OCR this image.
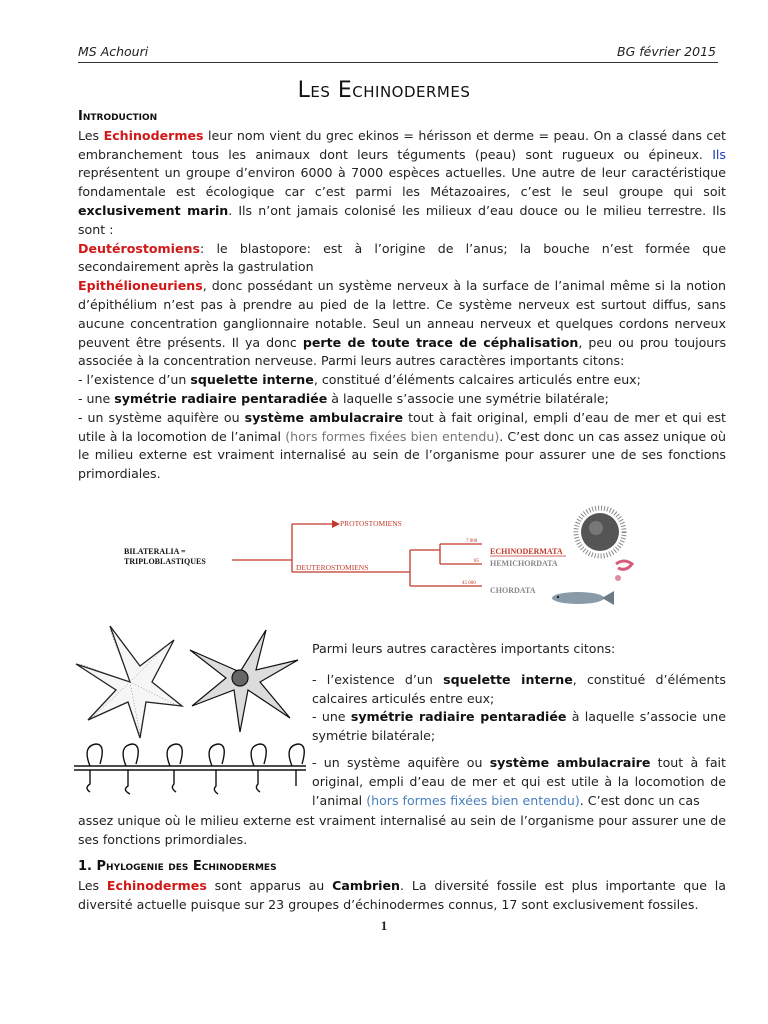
MS Achouri	BG février 2015
Les Echinodermes
Introduction

Les Echinodermes leur nom vient du grec ekinos = hérisson et derme = peau. On a classé dans cet embranchement tous les animaux dont leurs téguments (peau) sont rugueux ou épineux. Ils représentent un groupe d’environ 6000 à 7000 espèces actuelles. Une autre de leur caractéristique fondamentale est écologique car c’est parmi les Métazoaires, c’est le seul groupe qui soit exclusivement marin. Ils n’ont jamais colonisé les milieux d’eau douce ou le milieu terrestre. Ils sont :

Deutérostomiens: le blastopore: est à l’origine de l’anus; la bouche n’est formée que secondairement après la gastrulation

Epithélioneuriens, donc possédant un système nerveux à la surface de l’animal même si la notion d’épithélium n’est pas à prendre au pied de la lettre. Ce système nerveux est surtout diffus, sans aucune concentration ganglionnaire notable. Seul un anneau nerveux et quelques cordons nerveux peuvent être présents. Il ya donc perte de toute trace de céphalisation, peu ou prou toujours associée à la concentration nerveuse. Parmi leurs autres caractères importants citons:

- l’existence d’un squelette interne, constitué d’éléments calcaires articulés entre eux;

- une symétrie radiaire pentaradiée à laquelle s’associe une symétrie bilatérale;

- un système aquifère ou système ambulacraire tout à fait original, empli d’eau de mer et qui est utile à la locomotion de l’animal (hors formes fixées bien entendu). C’est donc un cas assez unique où le milieu externe est vraiment internalisé au sein de l’organisme pour assurer une de ses fonctions primordiales.

BILATERALIA =
TRIPLOBLASTIQUES
PROTOSTOMIENS
DEUTEROSTOMIENS
7 000
85
45 000
ECHINODERMATA
HEMICHORDATA
CHORDATA

Parmi leurs autres caractères importants citons:

- l’existence d’un squelette interne, constitué d’éléments calcaires articulés entre eux;

- une symétrie radiaire pentaradiée à laquelle s’associe une symétrie bilatérale;

- un système aquifère ou système ambulacraire tout à fait original, empli d’eau de mer et qui est utile à la locomotion de l’animal (hors formes fixées bien entendu). C’est donc un cas

assez unique où le milieu externe est vraiment internalisé au sein de l’organisme pour assurer une de ses fonctions primordiales.
1. Phylogenie des Echinodermes

Les Echinodermes sont apparus au Cambrien. La diversité fossile est plus importante que la diversité actuelle puisque sur 23 groupes d’échinodermes connus, 17 sont exclusivement fossiles.

1
